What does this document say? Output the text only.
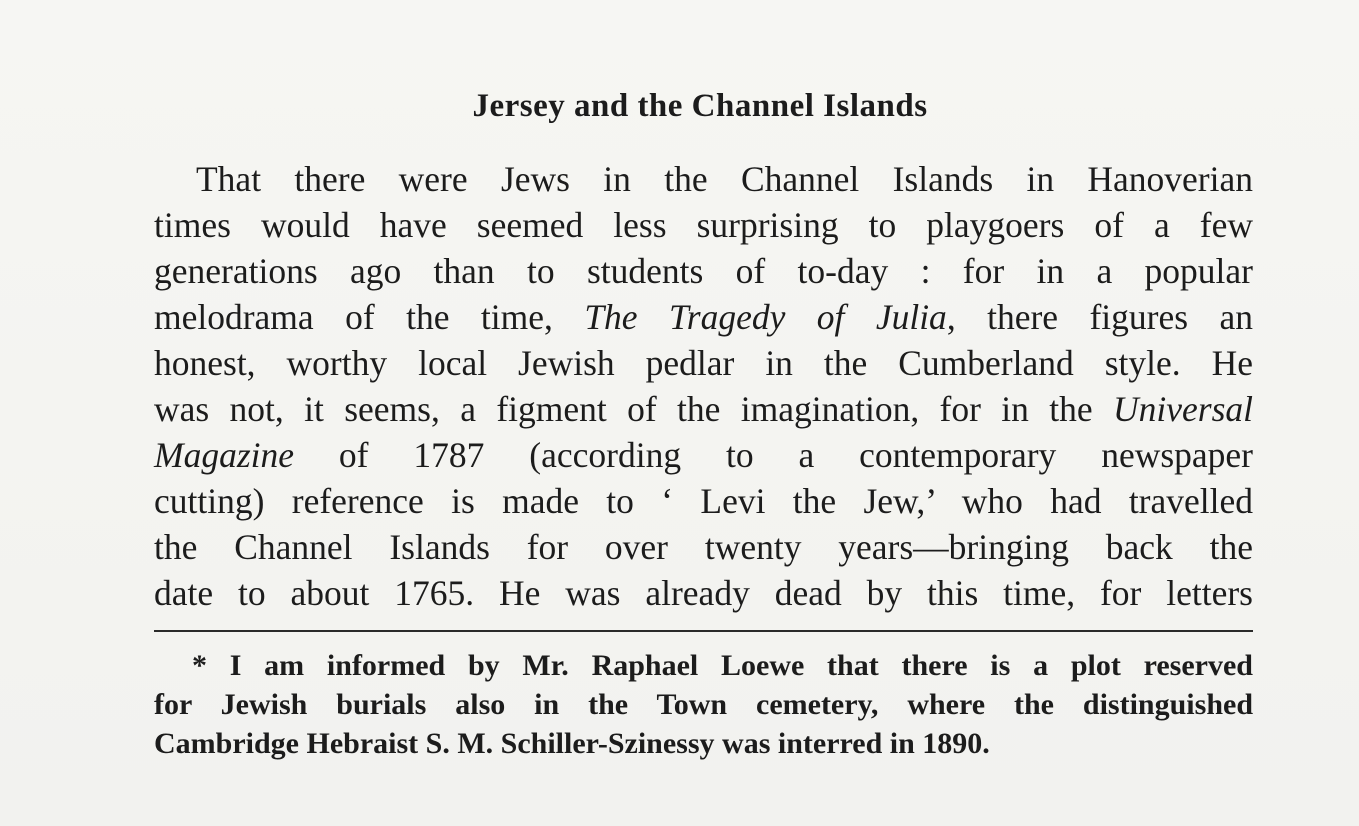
Jersey and the Channel Islands
That there were Jews in the Channel Islands in Hanoverian
times would have seemed less surprising to playgoers of a few
generations ago than to students of to-day : for in a popular
melodrama of the time, The Tragedy of Julia, there figures an
honest, worthy local Jewish pedlar in the Cumberland style. He
was not, it seems, a figment of the imagination, for in the Universal
Magazine of 1787 (according to a contemporary newspaper
cutting) reference is made to ‘ Levi the Jew,’ who had travelled
the Channel Islands for over twenty years—bringing back the
date to about 1765. He was already dead by this time, for letters
* I am informed by Mr. Raphael Loewe that there is a plot reserved
for Jewish burials also in the Town cemetery, where the distinguished
Cambridge Hebraist S. M. Schiller-Szinessy was interred in 1890.
